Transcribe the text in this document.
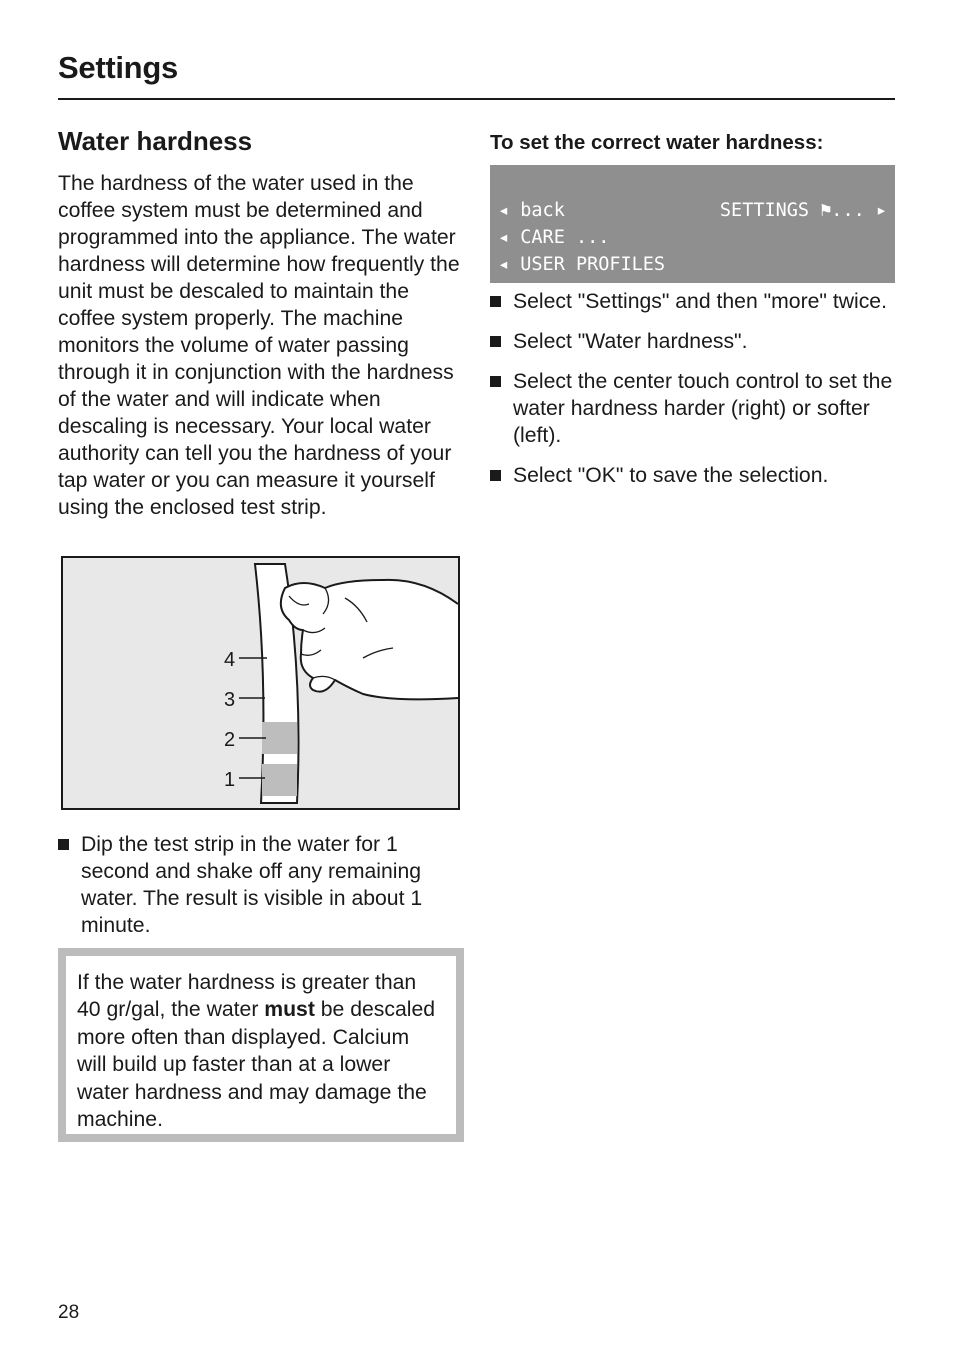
Settings
Water hardness

The hardness of the water used in the coffee system must be determined and programmed into the appliance. The water hardness will determine how frequently the unit must be descaled to maintain the coffee system properly. The machine monitors the volume of water passing through it in conjunction with the hardness of the water and will indicate when descaling is necessary. Your local water authority can tell you the hardness of your tap water or you can measure it yourself using the enclosed test strip.

4
3
2
1
Dip the test strip in the water for 1 second and shake off any remaining water. The result is visible in about 1 minute.

If the water hardness is greater than 40 gr/gal, the water must be descaled more often than displayed. Calcium will build up faster than at a lower water hardness and may damage the machine.

To set the correct water hardness:
◂ back	SETTINGS ⚑... ▸
◂ CARE ...
◂ USER PROFILES
Select "Settings" and then "more" twice.
Select "Water hardness".
Select the center touch control to set the water hardness harder (right) or softer (left).
Select "OK" to save the selection.
28
